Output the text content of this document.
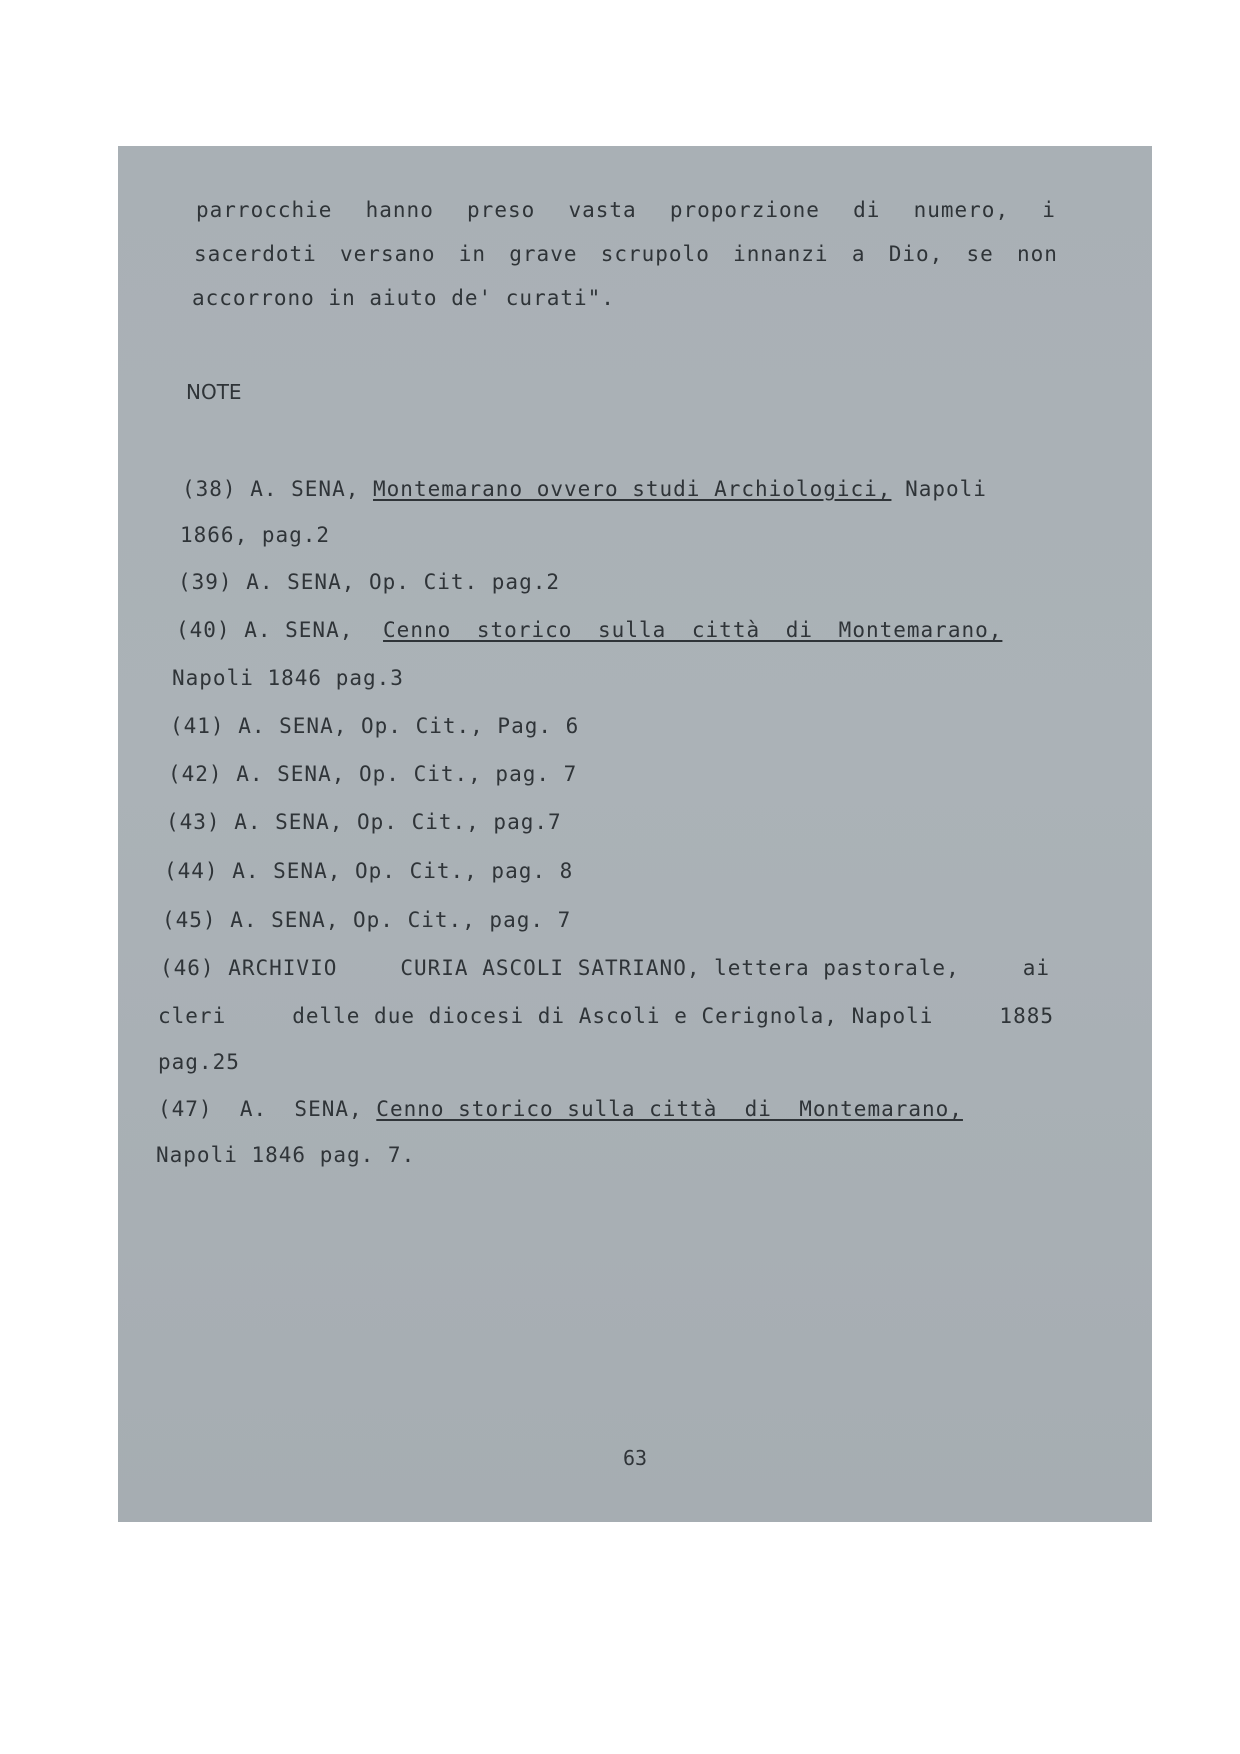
parrocchie hanno preso vasta proporzione di numero, i
sacerdoti versano in grave scrupolo innanzi a Dio, se non
accorrono in aiuto de' curati".
NOTE
(38) A. SENA, Montemarano ovvero studi Archiologici, Napoli
1866, pag.2
(39) A. SENA, Op. Cit. pag.2
(40) A. SENA, Cenno storico sulla città di Montemarano,
Napoli 1846 pag.3
(41) A. SENA, Op. Cit., Pag. 6
(42) A. SENA, Op. Cit., pag. 7
(43) A. SENA, Op. Cit., pag.7
(44) A. SENA, Op. Cit., pag. 8
(45) A. SENA, Op. Cit., pag. 7
(46) ARCHIVIO	CURIA ASCOLI SATRIANO, lettera pastorale,	ai
cleri	delle due diocesi di Ascoli e Cerignola, Napoli	1885
pag.25
(47)  A.  SENA, Cenno storico sulla città  di  Montemarano,
Napoli 1846 pag. 7.
63
